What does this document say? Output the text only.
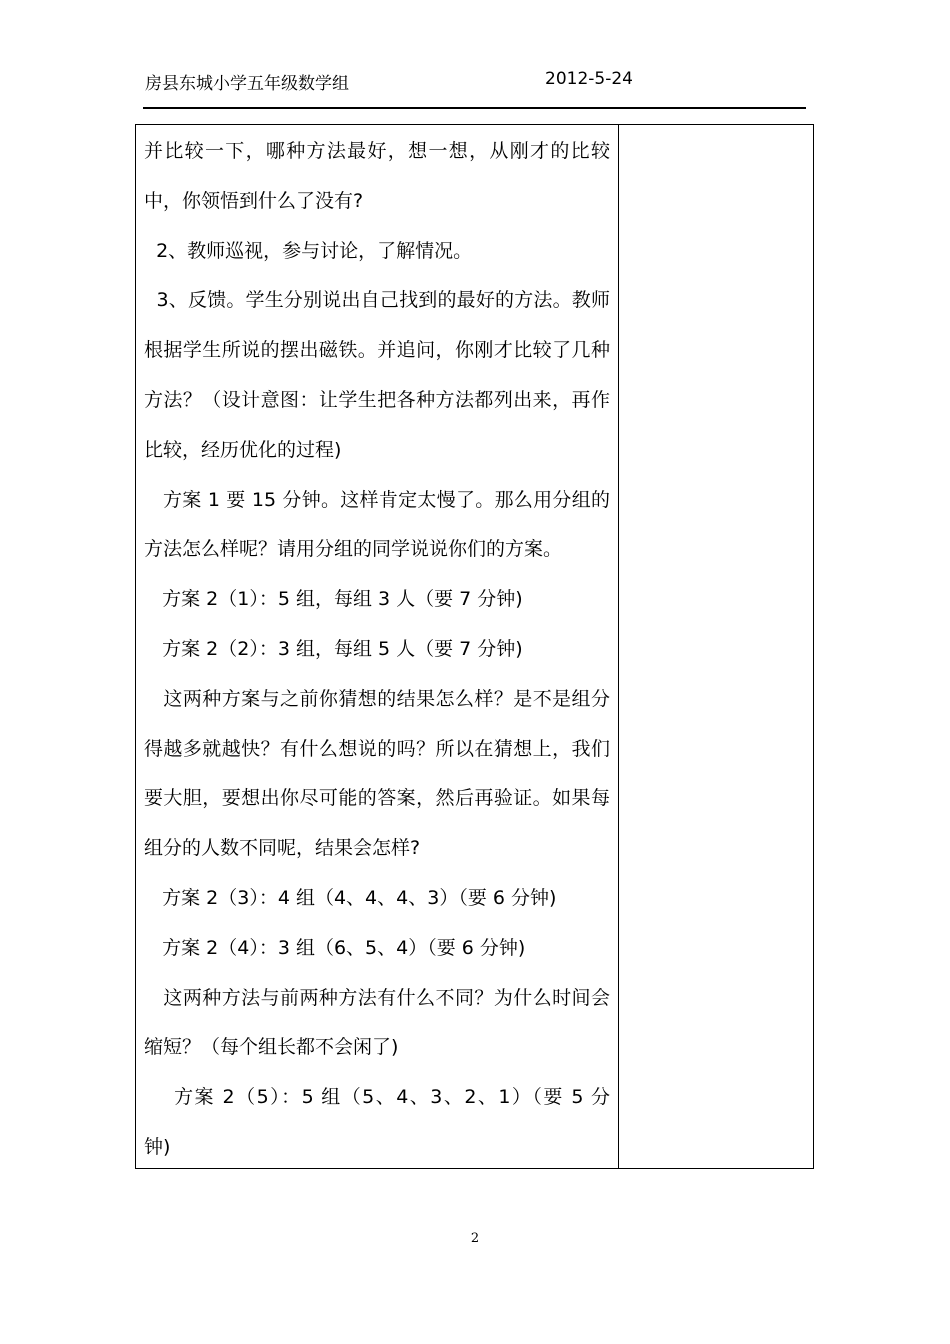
房县东城小学五年级数学组	2012-5-24
并比较一下，哪种方法最好，想一想，从刚才的比较
中，你领悟到什么了没有?
2、教师巡视，参与讨论，了解情况。
3、反馈。学生分别说出自己找到的最好的方法。教师
根据学生所说的摆出磁铁。并追问，你刚才比较了几种
方法？（设计意图：让学生把各种方法都列出来，再作
比较，经历优化的过程)
方案 1 要 15 分钟。这样肯定太慢了。那么用分组的
方法怎么样呢？请用分组的同学说说你们的方案。
方案 2（1）：5 组，每组 3 人（要 7 分钟)
方案 2（2）：3 组，每组 5 人（要 7 分钟)
这两种方案与之前你猜想的结果怎么样？是不是组分
得越多就越快？有什么想说的吗？所以在猜想上，我们
要大胆，要想出你尽可能的答案，然后再验证。如果每
组分的人数不同呢，结果会怎样?
方案 2（3）：4 组（4、4、4、3）（要 6 分钟)
方案 2（4）：3 组（6、5、4）（要 6 分钟)
这两种方法与前两种方法有什么不同？为什么时间会
缩短？（每个组长都不会闲了)
方案 2（5）：5 组（5、4、3、2、1）（要 5 分
钟)
2
